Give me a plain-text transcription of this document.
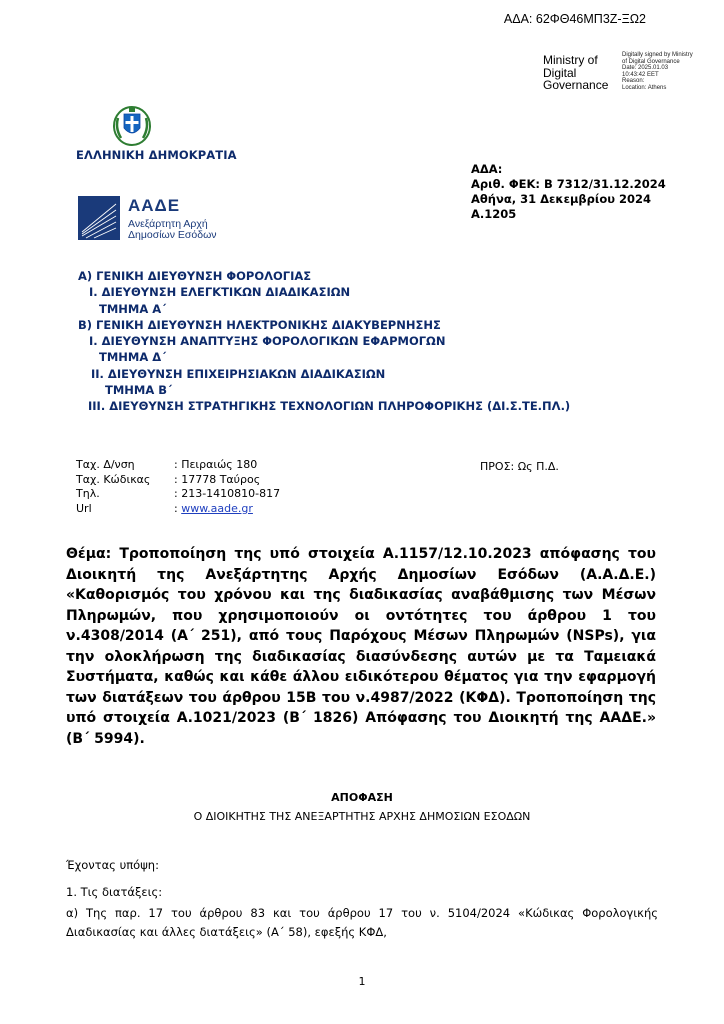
ΑΔΑ: 62ΦΘ46ΜΠ3Ζ-ΞΩ2
Ministry of
Digital
Governance
Digitally signed by Ministry
of Digital Governance
Date: 2025.01.03
10:43:42 EET
Reason:
Location: Athens
ΕΛΛΗΝΙΚΗ ΔΗΜΟΚΡΑΤΙΑ
ΑΑΔΕ
Ανεξάρτητη Αρχή
Δημοσίων Εσόδων
ΑΔΑ:
Αριθ. ΦΕΚ: Β 7312/31.12.2024
Αθήνα, 31 Δεκεμβρίου 2024
Α.1205
Α) ΓΕΝΙΚΗ ΔΙΕΥΘΥΝΣΗ ΦΟΡΟΛΟΓΙΑΣ
Ι. ΔΙΕΥΘΥΝΣΗ ΕΛΕΓΚΤΙΚΩΝ ΔΙΑΔΙΚΑΣΙΩΝ
ΤΜΗΜΑ Α΄
Β) ΓΕΝΙΚΗ ΔΙΕΥΘΥΝΣΗ ΗΛΕΚΤΡΟΝΙΚΗΣ ΔΙΑΚΥΒΕΡΝΗΣΗΣ
Ι. ΔΙΕΥΘΥΝΣΗ ΑΝΑΠΤΥΞΗΣ ΦΟΡΟΛΟΓΙΚΩΝ ΕΦΑΡΜΟΓΩΝ
ΤΜΗΜΑ Δ΄
ΙΙ. ΔΙΕΥΘΥΝΣΗ ΕΠΙΧΕΙΡΗΣΙΑΚΩΝ ΔΙΑΔΙΚΑΣΙΩΝ
ΤΜΗΜΑ Β΄
ΙΙΙ. ΔΙΕΥΘΥΝΣΗ ΣΤΡΑΤΗΓΙΚΗΣ ΤΕΧΝΟΛΟΓΙΩΝ ΠΛΗΡΟΦΟΡΙΚΗΣ (ΔΙ.Σ.ΤΕ.ΠΛ.)
Ταχ. Δ/νση	: Πειραιώς 180
Ταχ. Κώδικας	: 17778 Ταύρος
Τηλ.	: 213-1410810-817
Url	: www.aade.gr
ΠΡΟΣ: Ως Π.Δ.
Θέμα: Τροποποίηση της υπό στοιχεία Α.1157/12.10.2023 απόφασης του Διοικητή της Ανεξάρτητης Αρχής Δημοσίων Εσόδων (Α.Α.Δ.Ε.) «Καθορισμός του χρόνου και της διαδικασίας αναβάθμισης των Μέσων Πληρωμών, που χρησιμοποιούν οι οντότητες του άρθρου 1 του ν.4308/2014 (Α΄ 251), από τους Παρόχους Μέσων Πληρωμών (NSPs), για την ολοκλήρωση της διαδικασίας διασύνδεσης αυτών με τα Ταμειακά Συστήματα, καθώς και κάθε άλλου ειδικότερου θέματος για την εφαρμογή των διατάξεων του άρθρου 15Β του ν.4987/2022 (ΚΦΔ). Τροποποίηση της υπό στοιχεία Α.1021/2023 (Β΄ 1826) Απόφασης του Διοικητή της ΑΑΔΕ.» (Β΄ 5994).
ΑΠΟΦΑΣΗ
Ο ΔΙΟΙΚΗΤΗΣ ΤΗΣ ΑΝΕΞΑΡΤΗΤΗΣ ΑΡΧΗΣ ΔΗΜΟΣΙΩΝ ΕΣΟΔΩΝ
Έχοντας υπόψη:
1. Τις διατάξεις:
α) Της παρ. 17 του άρθρου 83 και του άρθρου 17 του ν. 5104/2024 «Κώδικας Φορολογικής Διαδικασίας και άλλες διατάξεις» (Α΄ 58), εφεξής ΚΦΔ,
1
